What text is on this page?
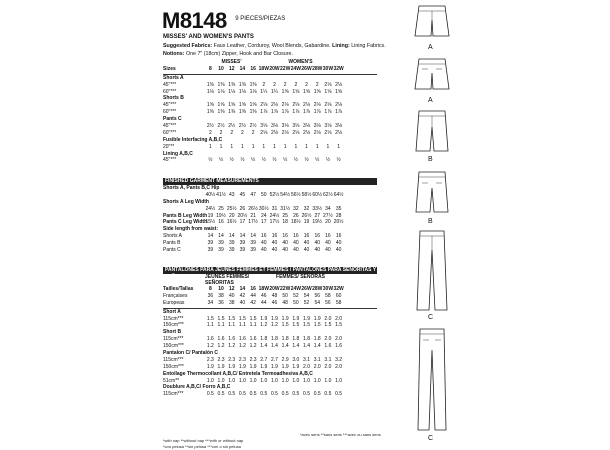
M8148 $^{9 PIECES/PIEZAS}$
MISSES' AND WOMEN'S PANTS
Suggested Fabrics: Faux Leather, Corduroy, Wool Blends, Gabardine. Lining: Lining Fabrics.
Notions: One 7" (18cm) Zipper, Hook and Bar Closure.
MISSES'	WOMEN'S
Sizes	8	10	12	14	16 18W 20W 22W 24W 26W 28W 30W 32W
Shorts A
45"***	1⅜ 1⅜ 1⅜ 1⅜ 1⅜	2	2	2	2	2	2	2⅛ 2⅛
60"***	1⅛ 1⅛ 1⅛ 1⅛ 1⅛ 1¼ 1¼ 1⅝ 1⅝ 1⅝ 1⅝ 1⅝ 1⅝
Shorts B
45"***	1⅝ 1⅝ 1⅝ 1⅝ 1⅝ 2⅛ 2⅛ 2⅛ 2⅛ 2⅛ 2⅛ 2⅛ 2⅛
60"***	1⅜ 1⅜ 1⅜ 1⅜ 1⅜ 1⅞ 1⅞ 1⅞ 1⅞ 1⅞ 1⅞ 1⅞ 1⅞
Pants C
45"***	2½ 2½ 2½ 2½ 2½ 3⅛ 3⅛ 3⅛ 3⅛ 3⅛ 3⅛ 3⅛ 3⅛
60"***	2	2	2	2	2	2⅛ 2⅛ 2⅛ 2⅛ 2⅛ 2⅛ 2⅛ 2⅛
Fusible Interfacing A,B,C
20"**	1	1	1	1	1	1	1	1	1	1	1	1	1
Lining A,B,C
45"***	½	½	½	½	½	½	½	½	½	½	½	½	½
FINISHED GARMENT MEASUREMENTS
Shorts A, Pants B,C Hip
40½ 41½ 43	45	47	50 52½ 54½ 56½ 58½ 60½ 62½ 64½
Shorts A Leg Width
24½ 25 25½ 26 26½ 30½ 31 31½ 32	32 33½ 34	35
Pants B Leg Width 19 19½ 20 20½ 21	24 24½ 25	26 26½ 27 27½ 28
Pants C Leg Width
15½ 16 16½ 17 17½ 17 17½ 18 18½ 19 19½ 20 20½
Side length from waist:
Shorts A	14	14	14	14	14	16	16	16	16	16	16	16	16
Pants B	39	39	39	39	39	40	40	40	40	40	40	40	40
Pants C	39	39	39	39	39	40	40	40	40	40	40	40	40
PANTALONES PARA JEUNES FEMMES ET FEMMES / PANTALONES PARA SEÑORITAS Y SEÑORAS	JEUNES FEMMES/ SEÑORITAS
FEMMES/ SEÑORAS
Tailles/Tallas	8	10	12	14	16 18W 20W 22W 24W 26W 28W 30W 32W
Françaises	36	38	40	42	44	46	48	50	52	54	56	58	60
Europeas	34	36	38	40	42	44	46	48	50	52	54	56	58
Short A
115cm***	1.5 1.5 1.5 1.5 1.5 1.9 1.9 1.9 1.9 1.9 1.9 2.0 2.0
150cm***	1.1 1.1 1.1 1.1 1.1 1.2 1.2 1.5 1.5 1.5 1.5 1.5 1.5
Short B
115cm***	1.6 1.6 1.6 1.6 1.6 1.8 1.8 1.8 1.8 1.8 1.8 2.0 2.0
150cm***	1.2 1.2 1.2 1.2 1.2 1.4 1.4 1.4 1.4 1.4 1.4 1.6 1.6
Pantalon C/ Pantalón C
115cm***	2.3 2.3 2.3 2.3 2.3 2.7 2.7 2.9 3.0 3.1 3.1 3.1 3.2
150cm***	1.9 1.9 1.9 1.9 1.9 1.9 1.9 1.9 1.9 2.0 2.0 2.0 2.0
Entoilage Thermocollant A,B,C/ Entretela Termoadhesiva A,B,C
51cm**	1.0 1.0 1.0 1.0 1.0 1.0 1.0 1.0 1.0 1.0 1.0 1.0 1.0
Doublure A,B,C/ Forro A,B,C
115cm***	0.5 0.5 0.5 0.5 0.5 0.5 0.5 0.5 0.5 0.5 0.5 0.5 0.5
*with nap **without nap ***with or without nap
*con pelusa **sin pelusa ***con o sin pelusa
*avec sens **sans sens ***avec ou sans sens
A
A
B
B
C
C
